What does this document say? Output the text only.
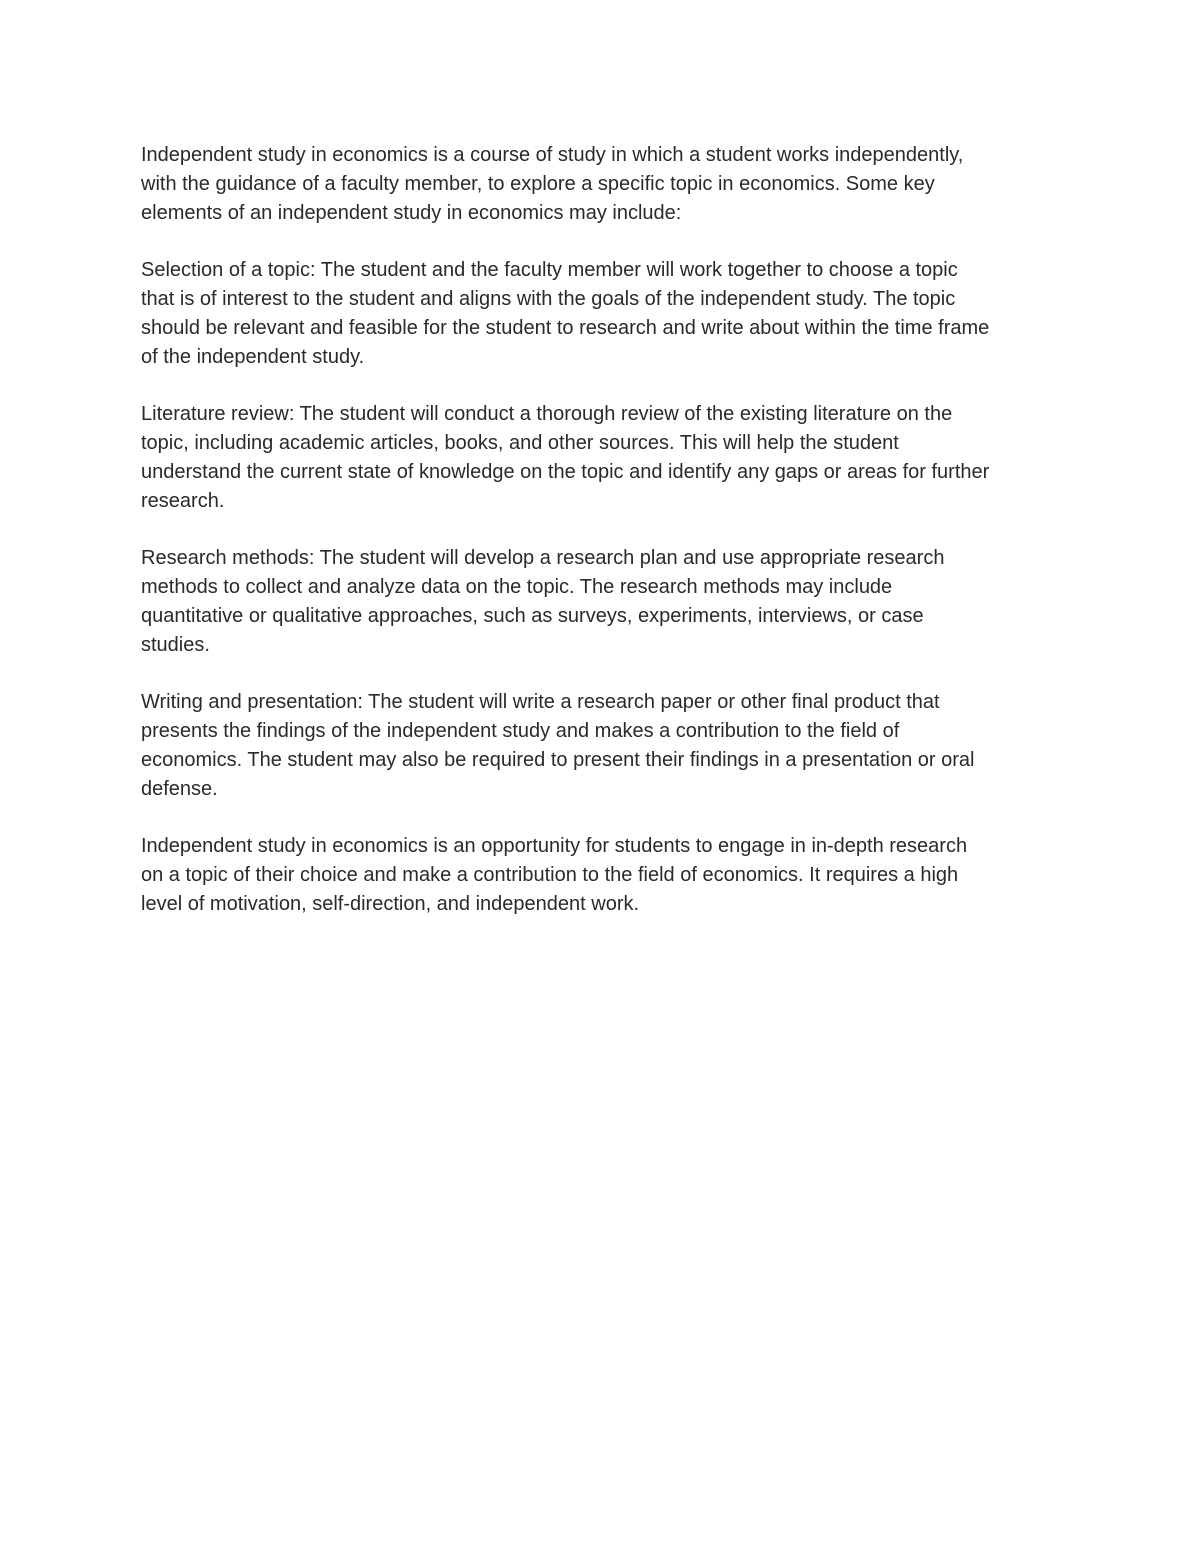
Independent study in economics is a course of study in which a student works independently,
with the guidance of a faculty member, to explore a specific topic in economics. Some key
elements of an independent study in economics may include:

Selection of a topic: The student and the faculty member will work together to choose a topic
that is of interest to the student and aligns with the goals of the independent study. The topic
should be relevant and feasible for the student to research and write about within the time frame
of the independent study.

Literature review: The student will conduct a thorough review of the existing literature on the
topic, including academic articles, books, and other sources. This will help the student
understand the current state of knowledge on the topic and identify any gaps or areas for further
research.

Research methods: The student will develop a research plan and use appropriate research
methods to collect and analyze data on the topic. The research methods may include
quantitative or qualitative approaches, such as surveys, experiments, interviews, or case
studies.

Writing and presentation: The student will write a research paper or other final product that
presents the findings of the independent study and makes a contribution to the field of
economics. The student may also be required to present their findings in a presentation or oral
defense.

Independent study in economics is an opportunity for students to engage in in-depth research
on a topic of their choice and make a contribution to the field of economics. It requires a high
level of motivation, self-direction, and independent work.
